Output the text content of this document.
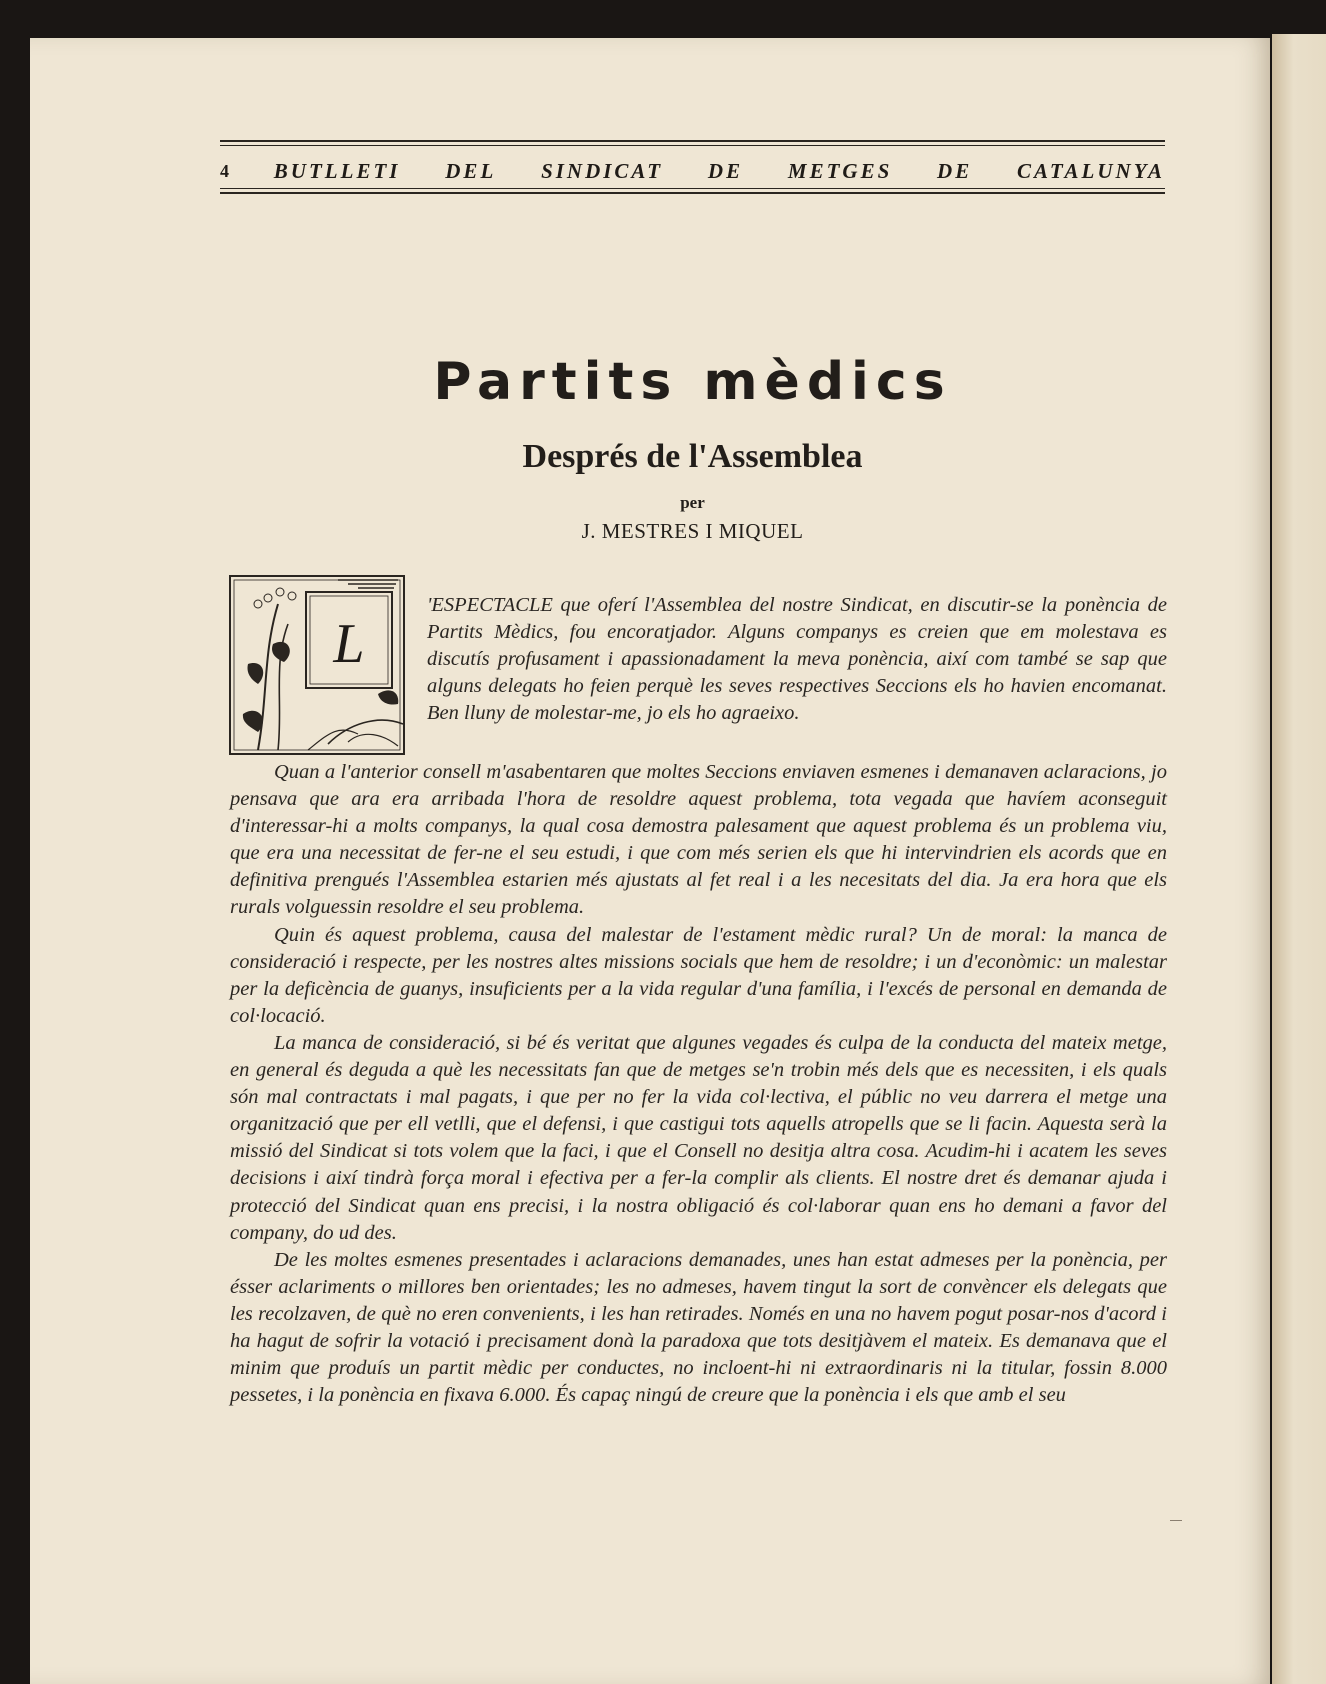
4 BUTLLETI DEL SINDICAT DE METGES DE CATALUNYA
Partits mèdics
Després de l'Assemblea
per
J. MESTRES I MIQUEL
L

'ESPECTACLE que oferí l'Assemblea del nostre Sindicat, en discutir-se la ponència de Partits Mèdics, fou encoratjador. Alguns companys es creien que em molestava es discutís profusament i apassionadament la meva ponència, així com també se sap que alguns delegats ho feien perquè les seves respectives Seccions els ho havien encomanat. Ben lluny de molestar-me, jo els ho agraeixo.

Quan a l'anterior consell m'asabentaren que moltes Seccions enviaven esmenes i demanaven aclaracions, jo pensava que ara era arribada l'hora de resoldre aquest problema, tota vegada que havíem aconseguit d'interessar-hi a molts companys, la qual cosa demostra palesament que aquest problema és un problema viu, que era una necessitat de fer-ne el seu estudi, i que com més serien els que hi intervindrien els acords que en definitiva prengués l'Assemblea estarien més ajustats al fet real i a les necesitats del dia. Ja era hora que els rurals volguessin resoldre el seu problema.

Quin és aquest problema, causa del malestar de l'estament mèdic rural? Un de moral: la manca de consideració i respecte, per les nostres altes missions socials que hem de resoldre; i un d'econòmic: un malestar per la deficència de guanys, insuficients per a la vida regular d'una família, i l'excés de personal en demanda de col·locació.

La manca de consideració, si bé és veritat que algunes vegades és culpa de la conducta del mateix metge, en general és deguda a què les necessitats fan que de metges se'n trobin més dels que es necessiten, i els quals són mal contractats i mal pagats, i que per no fer la vida col·lectiva, el públic no veu darrera el metge una organització que per ell vetlli, que el defensi, i que castigui tots aquells atropells que se li facin. Aquesta serà la missió del Sindicat si tots volem que la faci, i que el Consell no desitja altra cosa. Acudim-hi i acatem les seves decisions i així tindrà força moral i efectiva per a fer-la complir als clients. El nostre dret és demanar ajuda i protecció del Sindicat quan ens precisi, i la nostra obligació és col·laborar quan ens ho demani a favor del company, do ud des.

De les moltes esmenes presentades i aclaracions demanades, unes han estat admeses per la ponència, per ésser aclariments o millores ben orientades; les no admeses, havem tingut la sort de convèncer els delegats que les recolzaven, de què no eren convenients, i les han retirades. Només en una no havem pogut posar-nos d'acord i ha hagut de sofrir la votació i precisament donà la paradoxa que tots desitjàvem el mateix. Es demanava que el minim que produís un partit mèdic per conductes, no incloent-hi ni extraordinaris ni la titular, fossin 8.000 pessetes, i la ponència en fixava 6.000. És capaç ningú de creure que la ponència i els que amb el seu
